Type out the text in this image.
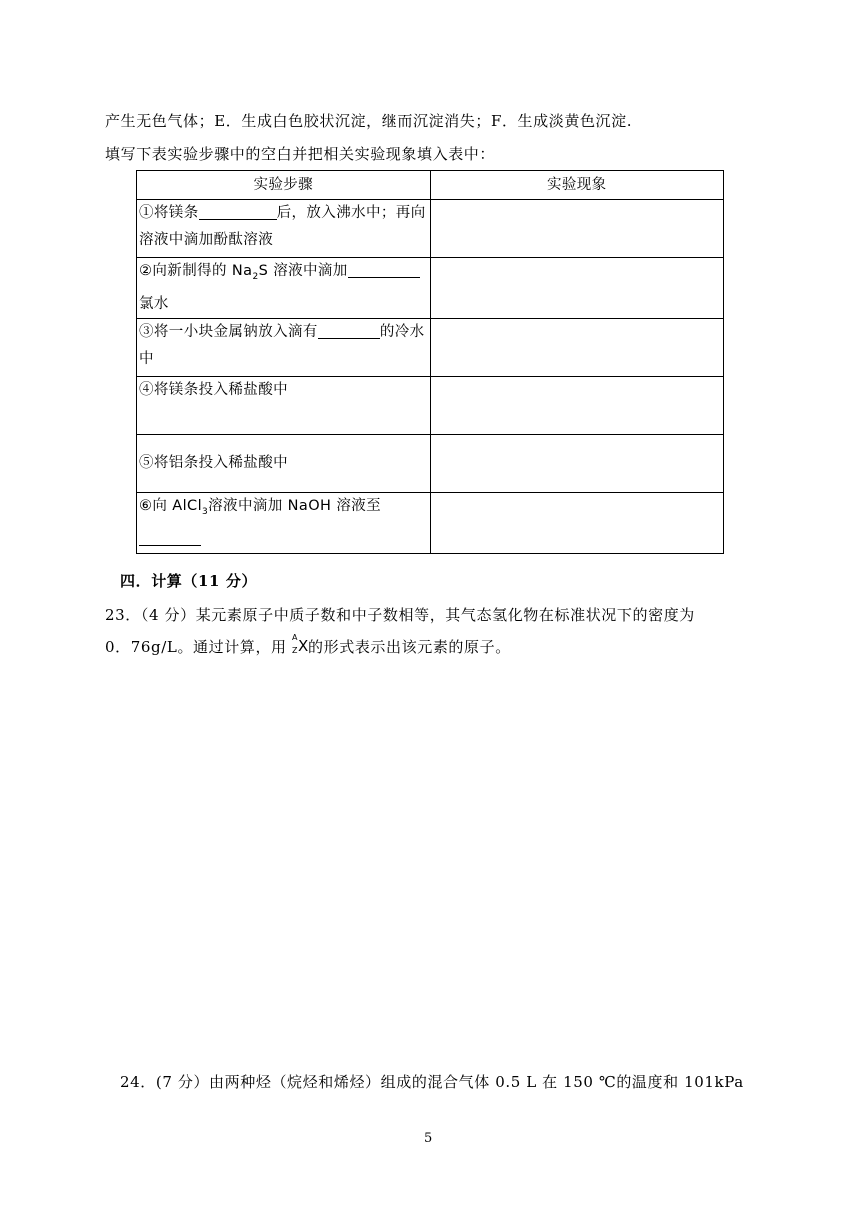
产生无色气体；E．生成白色胶状沉淀，继而沉淀消失；F．生成淡黄色沉淀.
填写下表实验步骤中的空白并把相关实验现象填入表中：
实验步骤	实验现象
①将镁条 后，放入沸水中；再向溶液中滴加酚酞溶液	
②向新制得的 $Na_2S$ 溶液中滴加氯水	
③将一小块金属钠放入滴有 的冷水中	
④将镁条投入稀盐酸中	
⑤将铝条投入稀盐酸中	
⑥向 AlCl$_3$溶液中滴加 NaOH 溶液至	
四．计算（11 分）
23．（4 分）某元素原子中质子数和中子数相等，其气态氢化物在标准状况下的密度为
0．76g/L。通过计算，用
A
Z X 的形式表示出该元素的原子。
24．(7 分）由两种烃（烷烃和烯烃）组成的混合气体 0.5 L 在 150 ℃的温度和 101kPa
5
